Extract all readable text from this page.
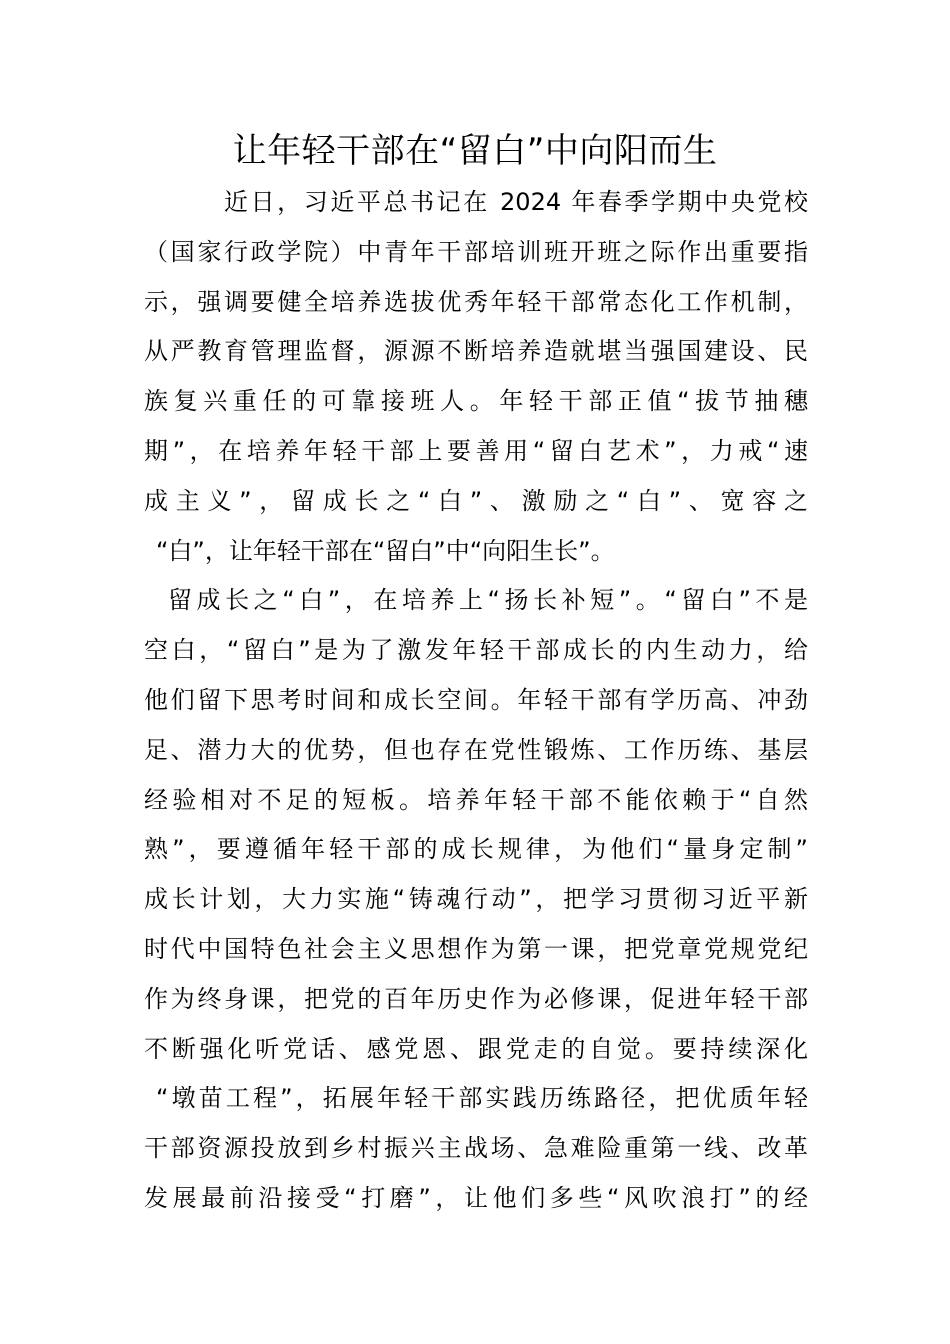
让年轻干部在“留白”中向阳而生
近日，习近平总书记在 2024 年春季学期中央党校
（国家行政学院）中青年干部培训班开班之际作出重要指
示，强调要健全培养选拔优秀年轻干部常态化工作机制，
从严教育管理监督，源源不断培养造就堪当强国建设、民
族复兴重任的可靠接班人。年轻干部正值“拔节抽穗
期”，在培养年轻干部上要善用“留白艺术”，力戒“速
成主义”，留成长之“白”、激励之“白”、宽容之
“白”，让年轻干部在“留白”中“向阳生长”。
留成长之“白”，在培养上“扬长补短”。“留白”不是
空白，“留白”是为了激发年轻干部成长的内生动力，给
他们留下思考时间和成长空间。年轻干部有学历高、冲劲
足、潜力大的优势，但也存在党性锻炼、工作历练、基层
经验相对不足的短板。培养年轻干部不能依赖于“自然
熟”，要遵循年轻干部的成长规律，为他们“量身定制”
成长计划，大力实施“铸魂行动”，把学习贯彻习近平新
时代中国特色社会主义思想作为第一课，把党章党规党纪
作为终身课，把党的百年历史作为必修课，促进年轻干部
不断强化听党话、感党恩、跟党走的自觉。要持续深化
“墩苗工程”，拓展年轻干部实践历练路径，把优质年轻
干部资源投放到乡村振兴主战场、急难险重第一线、改革
发展最前沿接受“打磨”，让他们多些“风吹浪打”的经
